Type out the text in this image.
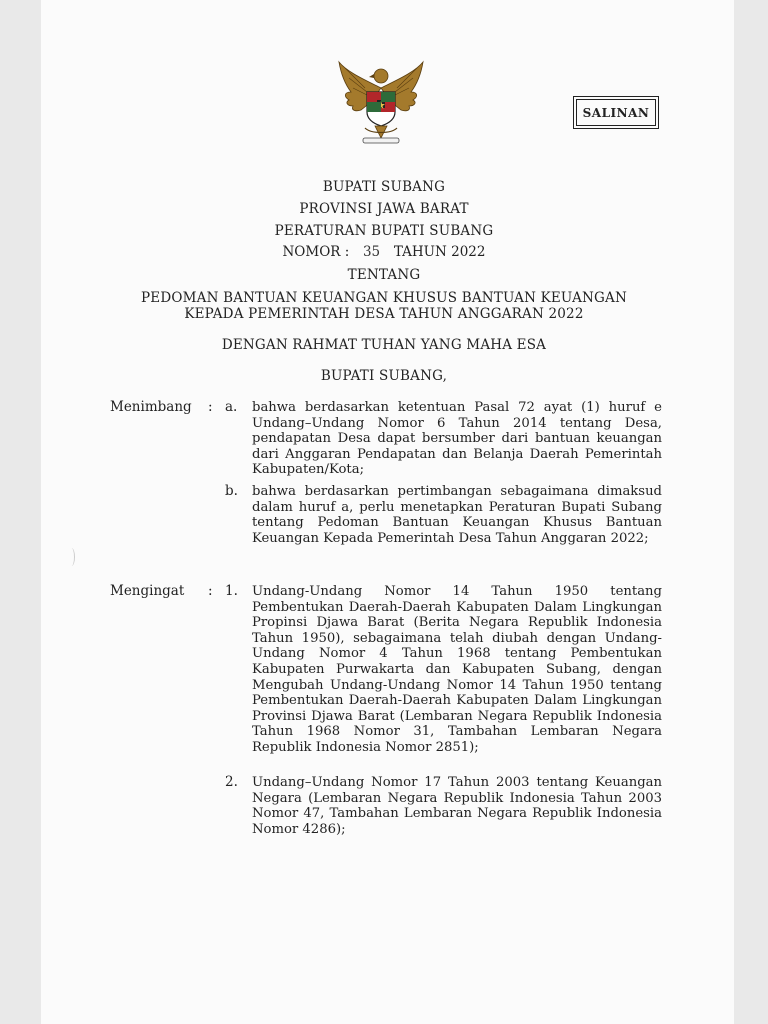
SALINAN
BUPATI SUBANG
PROVINSI JAWA BARAT
PERATURAN BUPATI SUBANG
NOMOR : 35 TAHUN 2022
TENTANG
PEDOMAN BANTUAN KEUANGAN KHUSUS BANTUAN KEUANGAN
KEPADA PEMERINTAH DESA TAHUN ANGGARAN 2022
DENGAN RAHMAT TUHAN YANG MAHA ESA
BUPATI SUBANG,
Menimbang : a. bahwa berdasarkan ketentuan Pasal 72 ayat (1) huruf e Undang–Undang Nomor 6 Tahun 2014 tentang Desa, pendapatan Desa dapat bersumber dari bantuan keuangan dari Anggaran Pendapatan dan Belanja Daerah Pemerintah Kabupaten/Kota;
b. bahwa berdasarkan pertimbangan sebagaimana dimaksud dalam huruf a, perlu menetapkan Peraturan Bupati Subang tentang Pedoman Bantuan Keuangan Khusus Bantuan Keuangan Kepada Pemerintah Desa Tahun Anggaran 2022;
Mengingat : 1. Undang-Undang Nomor 14 Tahun 1950 tentang Pembentukan Daerah-Daerah Kabupaten Dalam Lingkungan Propinsi Djawa Barat (Berita Negara Republik Indonesia Tahun 1950), sebagaimana telah diubah dengan Undang-Undang Nomor 4 Tahun 1968 tentang Pembentukan Kabupaten Purwakarta dan Kabupaten Subang, dengan Mengubah Undang-Undang Nomor 14 Tahun 1950 tentang Pembentukan Daerah-Daerah Kabupaten Dalam Lingkungan Provinsi Djawa Barat (Lembaran Negara Republik Indonesia Tahun 1968 Nomor 31, Tambahan Lembaran Negara Republik Indonesia Nomor 2851);
2. Undang–Undang Nomor 17 Tahun 2003 tentang Keuangan Negara (Lembaran Negara Republik Indonesia Tahun 2003 Nomor 47, Tambahan Lembaran Negara Republik Indonesia Nomor 4286);
